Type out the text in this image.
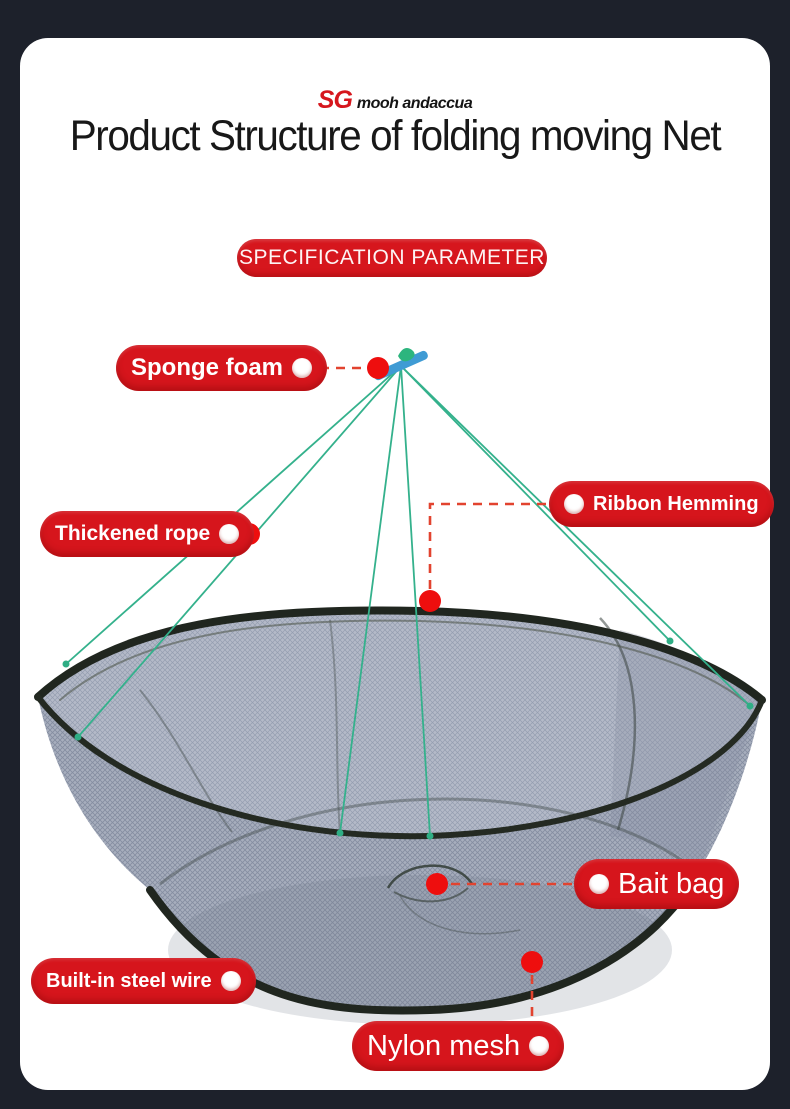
SG mooh andaccua
Product Structure of folding moving Net
SPECIFICATION PARAMETER
Sponge foam
Thickened rope
Ribbon Hemming
Bait bag
Built-in steel wire
Nylon mesh
